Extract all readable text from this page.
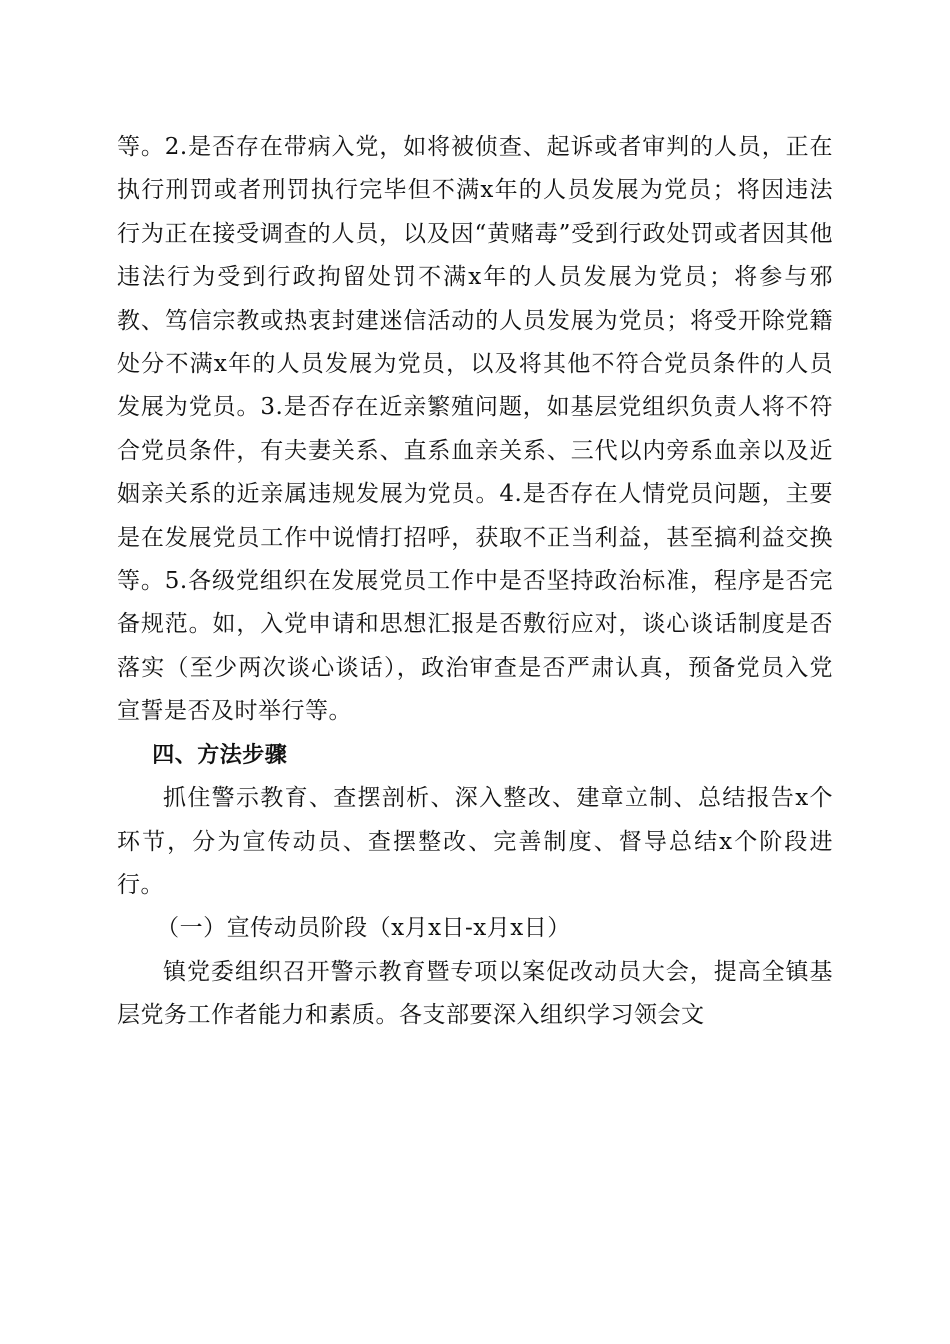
等。2.是否存在带病入党，如将被侦查、起诉或者审判的人员，正在执行刑罚或者刑罚执行完毕但不满x年的人员发展为党员；将因违法行为正在接受调查的人员，以及因“黄赌毒”受到行政处罚或者因其他违法行为受到行政拘留处罚不满x年的人员发展为党员；将参与邪教、笃信宗教或热衷封建迷信活动的人员发展为党员；将受开除党籍处分不满x年的人员发展为党员，以及将其他不符合党员条件的人员发展为党员。3.是否存在近亲繁殖问题，如基层党组织负责人将不符合党员条件，有夫妻关系、直系血亲关系、三代以内旁系血亲以及近姻亲关系的近亲属违规发展为党员。4.是否存在人情党员问题，主要是在发展党员工作中说情打招呼，获取不正当利益，甚至搞利益交换等。5.各级党组织在发展党员工作中是否坚持政治标准，程序是否完备规范。如，入党申请和思想汇报是否敷衍应对，谈心谈话制度是否落实（至少两次谈心谈话），政治审查是否严肃认真，预备党员入党宣誓是否及时举行等。

四、方法步骤

抓住警示教育、查摆剖析、深入整改、建章立制、总结报告x个环节，分为宣传动员、查摆整改、完善制度、督导总结x个阶段进行。

（一）宣传动员阶段（x月x日-x月x日）

镇党委组织召开警示教育暨专项以案促改动员大会，提高全镇基层党务工作者能力和素质。各支部要深入组织学习领会文
